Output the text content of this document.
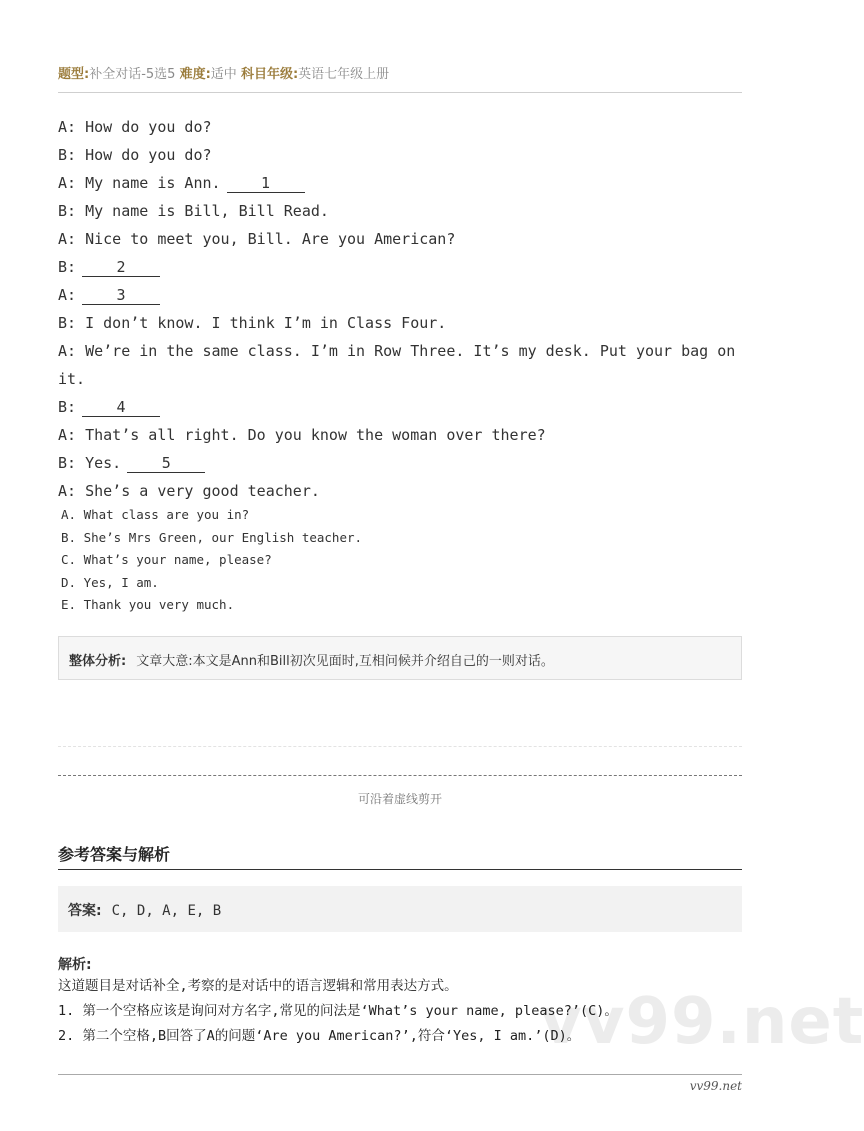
题型:补全对话-5选5 难度:适中 科目年级:英语七年级上册
A: How do you do?
B: How do you do?
A: My name is Ann.	1
B: My name is Bill, Bill Read.
A: Nice to meet you, Bill. Are you American?
B:	2
A:	3
B: I don’t know. I think I’m in Class Four.
A: We’re in the same class. I’m in Row Three. It’s my desk. Put your bag on
it.
B:	4
A: That’s all right. Do you know the woman over there?
B: Yes.	5
A: She’s a very good teacher.
A. What class are you in?
B. She’s Mrs Green, our English teacher.
C. What’s your name, please?
D. Yes, I am.
E. Thank you very much.
整体分析: 文章大意:本文是Ann和Bill初次见面时,互相问候并介绍自己的一则对话。
可沿着虚线剪开
参考答案与解析
答案: C, D, A, E, B
解析:
vv99.net
这道题目是对话补全,考察的是对话中的语言逻辑和常用表达方式。
1. 第一个空格应该是询问对方名字,常见的问法是‘What’s your name, please?’(C)。
2. 第二个空格,B回答了A的问题‘Are you American?’,符合‘Yes, I am.’(D)。
vv99.net
